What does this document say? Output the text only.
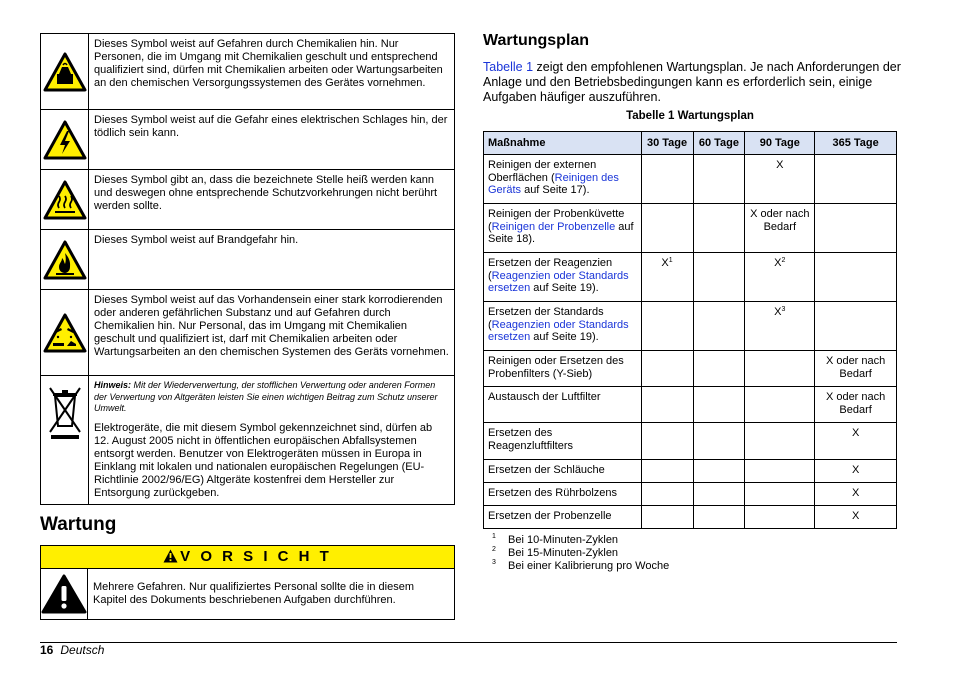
	Dieses Symbol weist auf Gefahren durch Chemikalien hin. Nur Personen, die im Umgang mit Chemikalien geschult und entsprechend qualifiziert sind, dürfen mit Chemikalien arbeiten oder Wartungsarbeiten an den chemischen Versorgungssystemen des Gerätes vornehmen.

	Dieses Symbol weist auf die Gefahr eines elektrischen Schlages hin, der tödlich sein kann.

	Dieses Symbol gibt an, dass die bezeichnete Stelle heiß werden kann und deswegen ohne entsprechende Schutzvorkehrungen nicht berührt werden sollte.

	Dieses Symbol weist auf Brandgefahr hin.

	Dieses Symbol weist auf das Vorhandensein einer stark korrodierenden oder anderen gefährlichen Substanz und auf Gefahren durch Chemikalien hin. Nur Personal, das im Umgang mit Chemikalien geschult und qualifiziert ist, darf mit Chemikalien arbeiten oder Wartungsarbeiten an den chemischen Systemen des Geräts vornehmen.

Hinweis: Mit der Wiederverwertung, der stofflichen Verwertung oder anderen Formen der Verwertung von Altgeräten leisten Sie einen wichtigen Beitrag zum Schutz unserer Umwelt.
Elektrogeräte, die mit diesem Symbol gekennzeichnet sind, dürfen ab 12. August 2005 nicht in öffentlichen europäischen Abfallsystemen entsorgt werden. Benutzer von Elektrogeräten müssen in Europa in Einklang mit lokalen und nationalen europäischen Regelungen (EU-Richtlinie 2002/96/EG) Altgeräte kostenfrei dem Hersteller zur Entsorgung zurückgeben.
Wartung
V O R S I C H T
Mehrere Gefahren. Nur qualifiziertes Personal sollte die in diesem Kapitel des Dokuments beschriebenen Aufgaben durchführen.
Wartungsplan
Tabelle 1 zeigt den empfohlenen Wartungsplan. Je nach Anforderungen der Anlage und den Betriebsbedingungen kann es erforderlich sein, einige Aufgaben häufiger auszuführen.
Tabelle 1 Wartungsplan
Maßnahme	30 Tage	60 Tage	90 Tage	365 Tage
Reinigen der externen Oberflächen (Reinigen des Geräts auf Seite 17).			X	
Reinigen der Probenküvette (Reinigen der Probenzelle auf Seite 18).			X oder nach Bedarf	
Ersetzen der Reagenzien (Reagenzien oder Standards ersetzen auf Seite 19).	$X^1$		$X^2$	
Ersetzen der Standards (Reagenzien oder Standards ersetzen auf Seite 19).			$X^3$	
Reinigen oder Ersetzen des Probenfilters (Y-Sieb)				X oder nach Bedarf
Austausch der Luftfilter				X oder nach Bedarf
Ersetzen des Reagenzluftfilters				X
Ersetzen der Schläuche				X
Ersetzen des Rührbolzens				X
Ersetzen der Probenzelle				X
1 Bei 10-Minuten-Zyklen
2 Bei 15-Minuten-Zyklen
3 Bei einer Kalibrierung pro Woche
16 Deutsch
